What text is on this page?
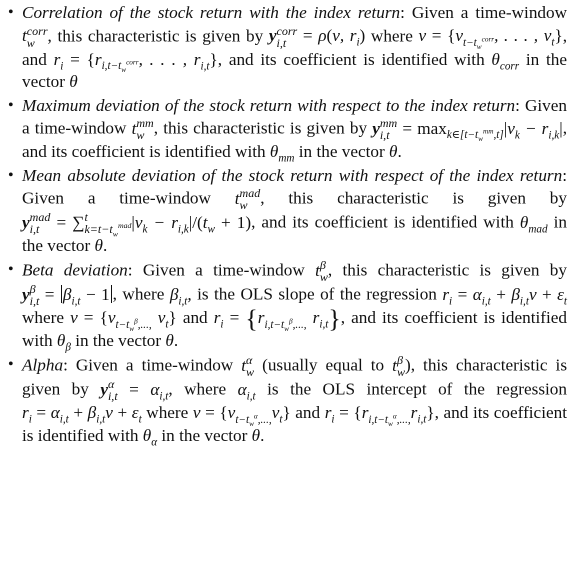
• Correlation of the stock return with the index return: Given a time-window t corr
w , this characteristic is given by y corr
i,t = ρ(ν, $r_i$) where $\nu = \{\nu_{t-t_w^{corr}}$, . . . , $\nu_t$}, and $r_i = \{r_{i,t-t_w^{corr}}$, . . . , $r_{i,t}$}, and its coefficient is identified with $\theta_{corr}$ in the vector θ
• Maximum deviation of the stock return with respect to the index return: Given a time-window t mm
w , this characteristic is given by y mm
$i,t = \max_{k\in[t-t_w^{mm},t]}|\nu_k - r_{i,k}|$, and its coefficient is identified with $\theta_{mm}$ in the vector θ.
• Mean absolute deviation of the stock return with respect of the index return: Given a time-window t mad
w , this characteristic is given by y mad
i,t = ∑ t
$k=t-t_w^{mad}$ $|\nu_k - r_{i,k}|/(t_w + 1)$, and its coefficient is identified with $\theta_{mad}$ in the vector θ.
• Beta deviation: Given a time-window t β
w , this characteristic is given by y β
$i,t = \beta_{i,t} - 1$ , where $\beta_{i,t}$, is the OLS slope of the regression $r_i = \alpha_{i,t} + \beta_{i,t}\nu + \varepsilon_t$ where $\nu = \{\nu_{t-t_w^\beta,...,}$ $\nu_t$} and $r_i = \{r_{i,t-t_w^\beta,...,}$ $r_{i,t}$}, and its coefficient is identified with $\theta_\beta$ in the vector θ.
• Alpha: Given a time-window t α
w (usually equal to t β
w ), this characteristic is given by y α
$i,t = \alpha_{i,t}$, where $\alpha_{i,t}$ is the OLS intercept of the regression $r_i = \alpha_{i,t} + \beta_{i,t}\nu + \varepsilon_t$ where $\nu = \{\nu_{t-t_w^\alpha,...,}\nu_t\}$ and $r_i = \{r_{i,t-t_w^\alpha,...,}r_{i,t}\}$, and its coefficient is identified with $\theta_\alpha$ in the vector θ.
